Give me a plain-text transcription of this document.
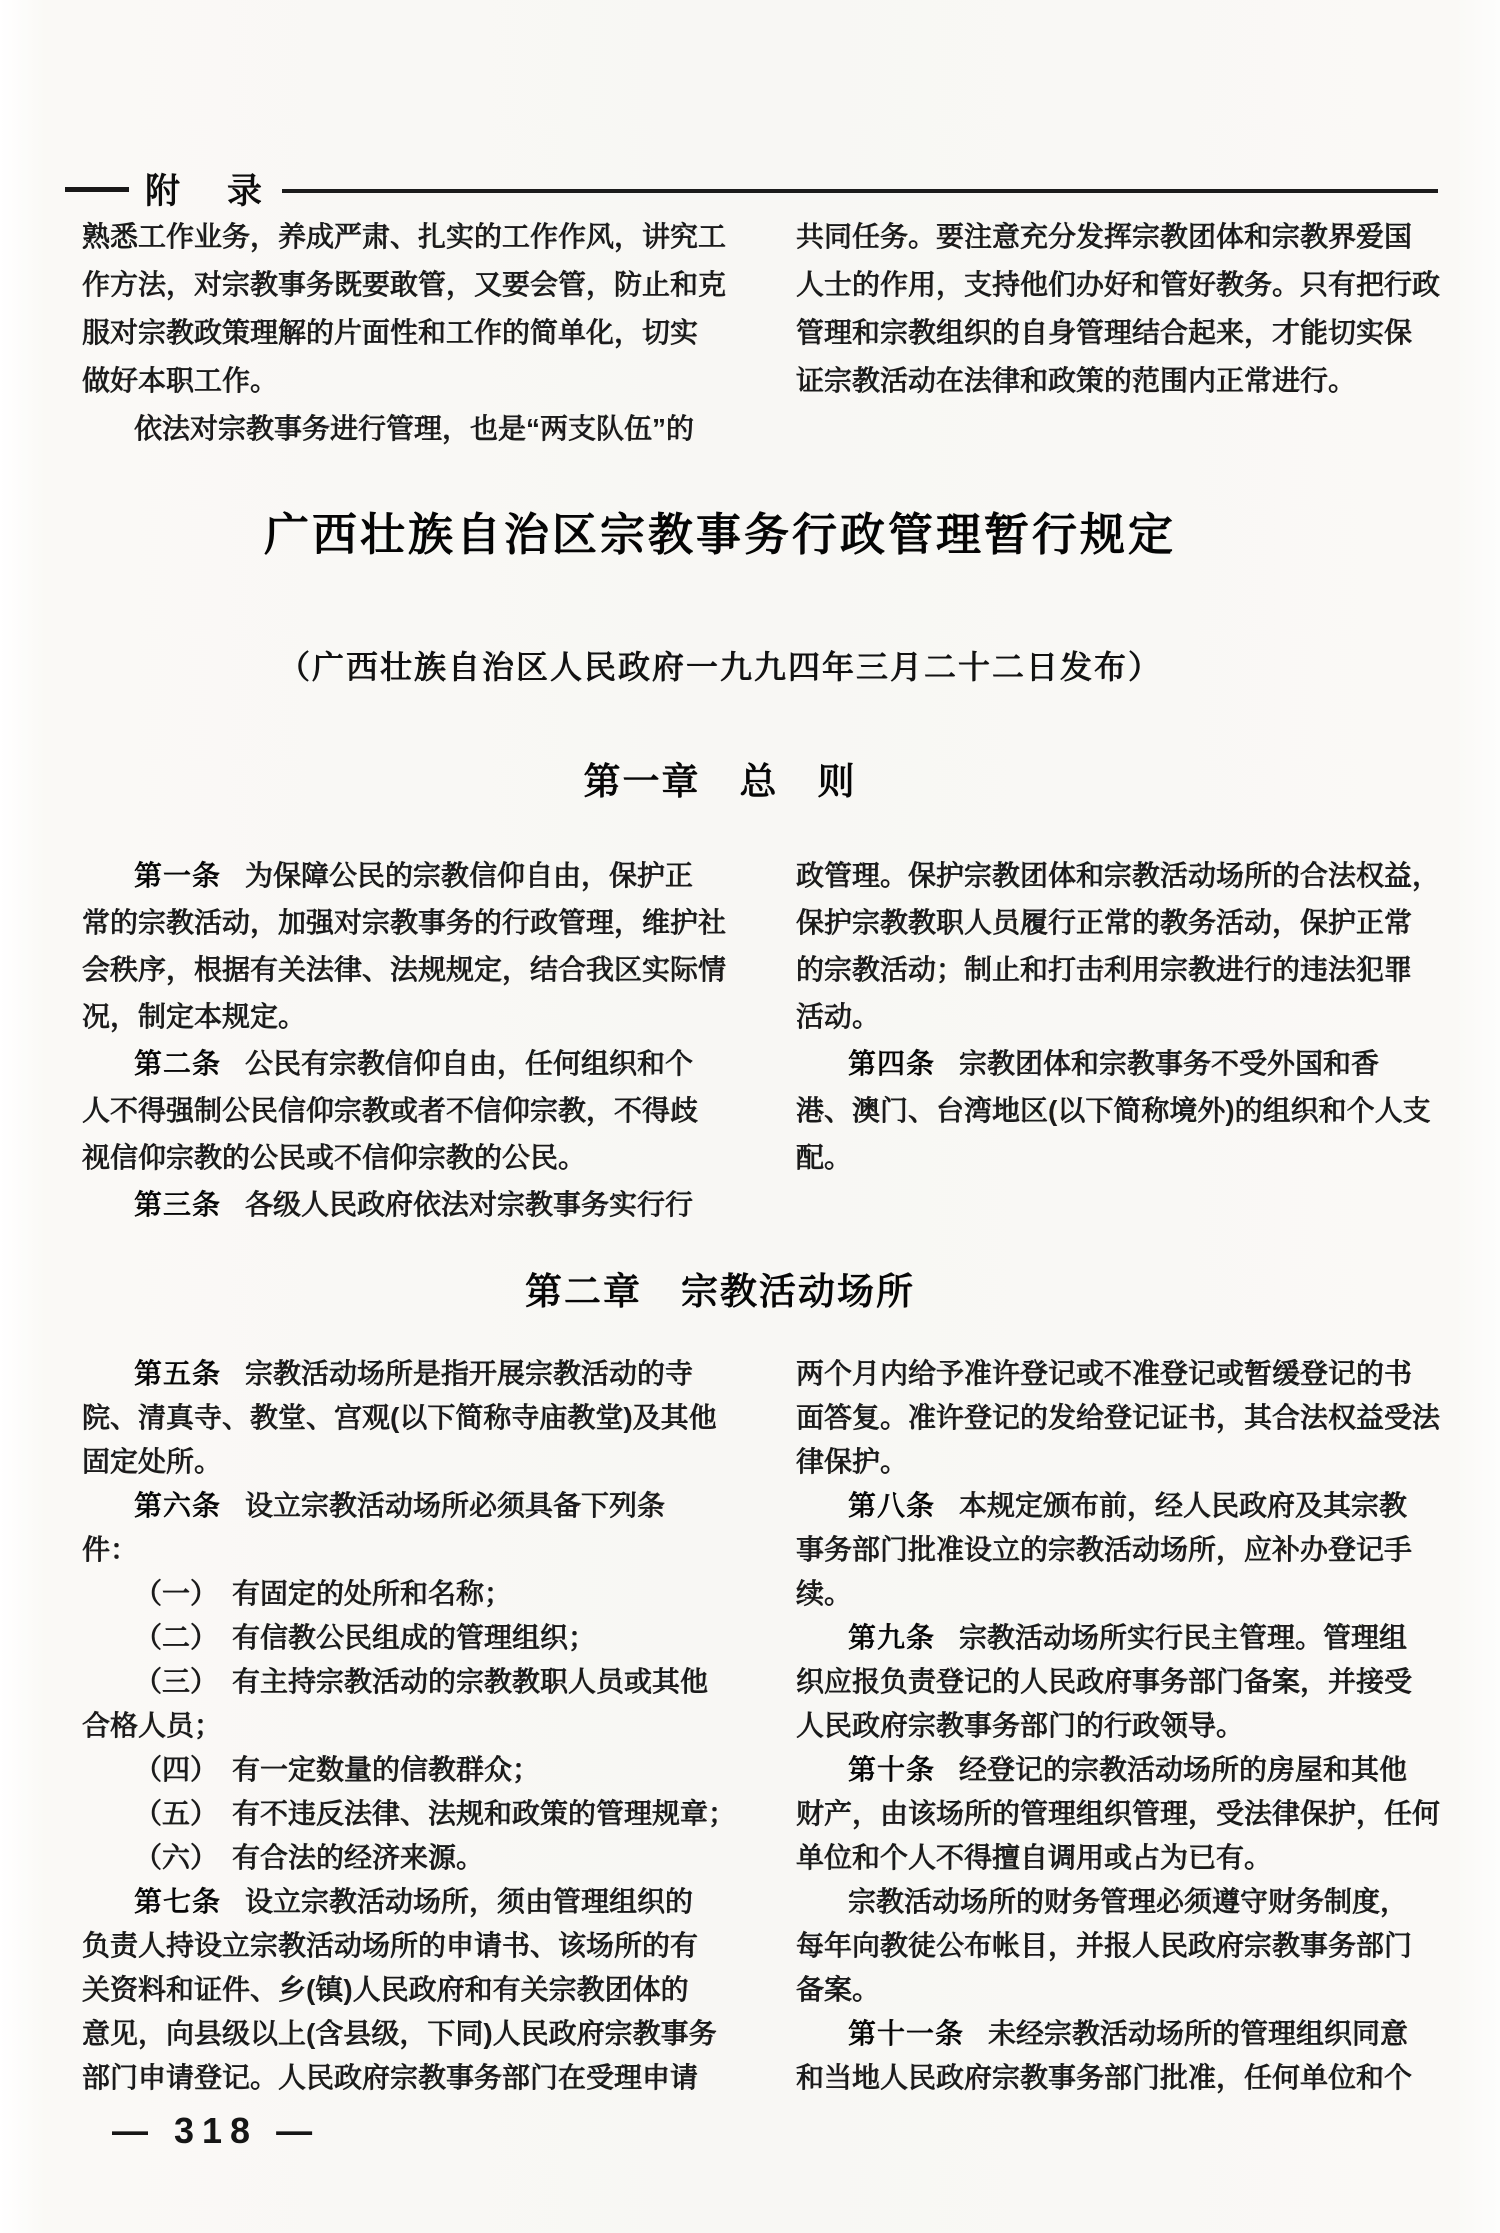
附　录

熟悉工作业务，养成严肃、扎实的工作作风，讲究工

作方法，对宗教事务既要敢管，又要会管，防止和克

服对宗教政策理解的片面性和工作的简单化，切实

做好本职工作。

依法对宗教事务进行管理，也是“两支队伍”的

共同任务。要注意充分发挥宗教团体和宗教界爱国

人士的作用，支持他们办好和管好教务。只有把行政

管理和宗教组织的自身管理结合起来，才能切实保

证宗教活动在法律和政策的范围内正常进行。

广西壮族自治区宗教事务行政管理暂行规定

（广西壮族自治区人民政府一九九四年三月二十二日发布）

第一章　总　则

第一条 为保障公民的宗教信仰自由，保护正

常的宗教活动，加强对宗教事务的行政管理，维护社

会秩序，根据有关法律、法规规定，结合我区实际情

况，制定本规定。

第二条 公民有宗教信仰自由，任何组织和个

人不得强制公民信仰宗教或者不信仰宗教，不得歧

视信仰宗教的公民或不信仰宗教的公民。

第三条 各级人民政府依法对宗教事务实行行

政管理。保护宗教团体和宗教活动场所的合法权益，

保护宗教教职人员履行正常的教务活动，保护正常

的宗教活动；制止和打击利用宗教进行的违法犯罪

活动。

第四条 宗教团体和宗教事务不受外国和香

港、澳门、台湾地区(以下简称境外)的组织和个人支

配。

第二章　宗教活动场所

第五条 宗教活动场所是指开展宗教活动的寺

院、清真寺、教堂、宫观(以下简称寺庙教堂)及其他

固定处所。

第六条 设立宗教活动场所必须具备下列条

件：

（一）　有固定的处所和名称；

（二）　有信教公民组成的管理组织；

（三）　有主持宗教活动的宗教教职人员或其他

合格人员；

（四）　有一定数量的信教群众；

（五）　有不违反法律、法规和政策的管理规章；

（六）　有合法的经济来源。

第七条 设立宗教活动场所，须由管理组织的

负责人持设立宗教活动场所的申请书、该场所的有

关资料和证件、乡(镇)人民政府和有关宗教团体的

意见，向县级以上(含县级，下同)人民政府宗教事务

部门申请登记。人民政府宗教事务部门在受理申请

两个月内给予准许登记或不准登记或暂缓登记的书

面答复。准许登记的发给登记证书，其合法权益受法

律保护。

第八条 本规定颁布前，经人民政府及其宗教

事务部门批准设立的宗教活动场所，应补办登记手

续。

第九条 宗教活动场所实行民主管理。管理组

织应报负责登记的人民政府事务部门备案，并接受

人民政府宗教事务部门的行政领导。

第十条 经登记的宗教活动场所的房屋和其他

财产，由该场所的管理组织管理，受法律保护，任何

单位和个人不得擅自调用或占为已有。

宗教活动场所的财务管理必须遵守财务制度，

每年向教徒公布帐目，并报人民政府宗教事务部门

备案。

第十一条 未经宗教活动场所的管理组织同意

和当地人民政府宗教事务部门批准，任何单位和个

— 318 —
